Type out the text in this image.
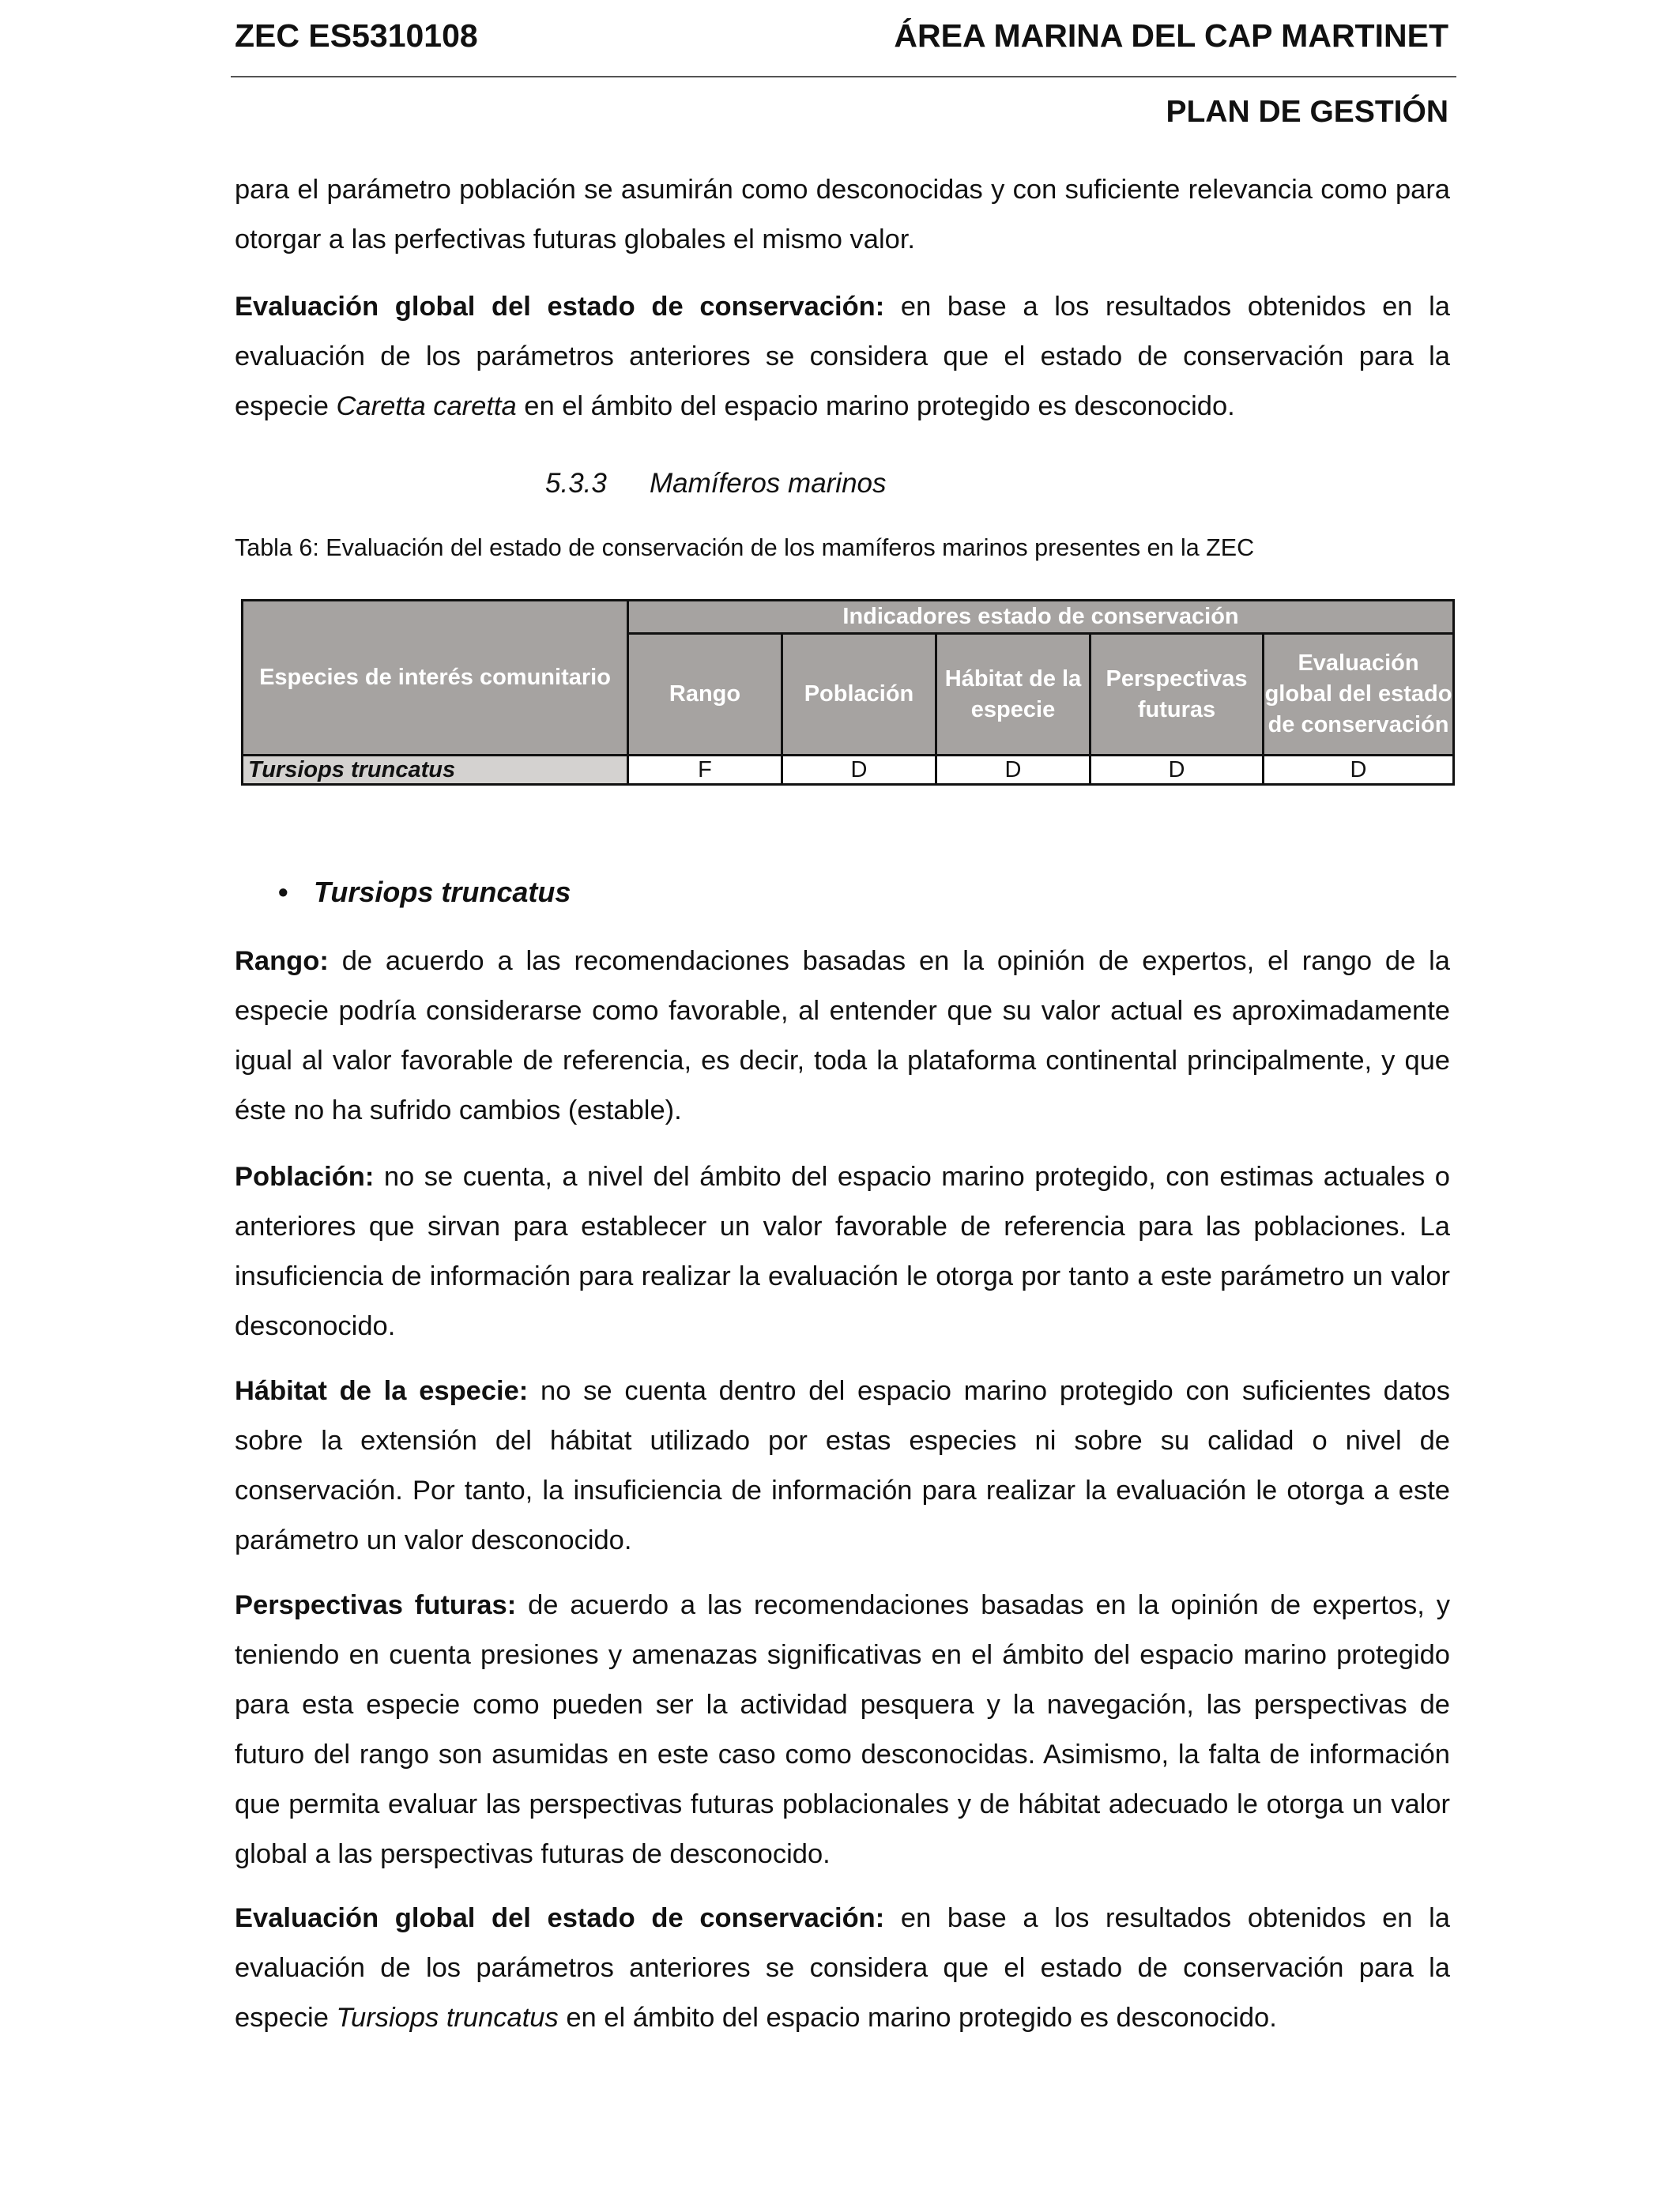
ZEC ES5310108	ÁREA MARINA DEL CAP MARTINET
PLAN DE GESTIÓN

para el parámetro población se asumirán como desconocidas y con suficiente relevancia como para otorgar a las perfectivas futuras globales el mismo valor.

Evaluación global del estado de conservación: en base a los resultados obtenidos en la evaluación de los parámetros anteriores se considera que el estado de conservación para la especie Caretta caretta en el ámbito del espacio marino protegido es desconocido.

5.3.3 Mamíferos marinos
Tabla 6: Evaluación del estado de conservación de los mamíferos marinos presentes en la ZEC
Especies de interés comunitario	Indicadores estado de conservación				
	Rango	Población	Hábitat de la especie	Perspectivas futuras	Evaluación global del estado de conservación
Tursiops truncatus	F	D	D	D	D
• Tursiops truncatus

Rango: de acuerdo a las recomendaciones basadas en la opinión de expertos, el rango de la especie podría considerarse como favorable, al entender que su valor actual es aproximadamente igual al valor favorable de referencia, es decir, toda la plataforma continental principalmente, y que éste no ha sufrido cambios (estable).

Población: no se cuenta, a nivel del ámbito del espacio marino protegido, con estimas actuales o anteriores que sirvan para establecer un valor favorable de referencia para las poblaciones. La insuficiencia de información para realizar la evaluación le otorga por tanto a este parámetro un valor desconocido.

Hábitat de la especie: no se cuenta dentro del espacio marino protegido con suficientes datos sobre la extensión del hábitat utilizado por estas especies ni sobre su calidad o nivel de conservación. Por tanto, la insuficiencia de información para realizar la evaluación le otorga a este parámetro un valor desconocido.

Perspectivas futuras: de acuerdo a las recomendaciones basadas en la opinión de expertos, y teniendo en cuenta presiones y amenazas significativas en el ámbito del espacio marino protegido para esta especie como pueden ser la actividad pesquera y la navegación, las perspectivas de futuro del rango son asumidas en este caso como desconocidas. Asimismo, la falta de información que permita evaluar las perspectivas futuras poblacionales y de hábitat adecuado le otorga un valor global a las perspectivas futuras de desconocido.

Evaluación global del estado de conservación: en base a los resultados obtenidos en la evaluación de los parámetros anteriores se considera que el estado de conservación para la especie Tursiops truncatus en el ámbito del espacio marino protegido es desconocido.
